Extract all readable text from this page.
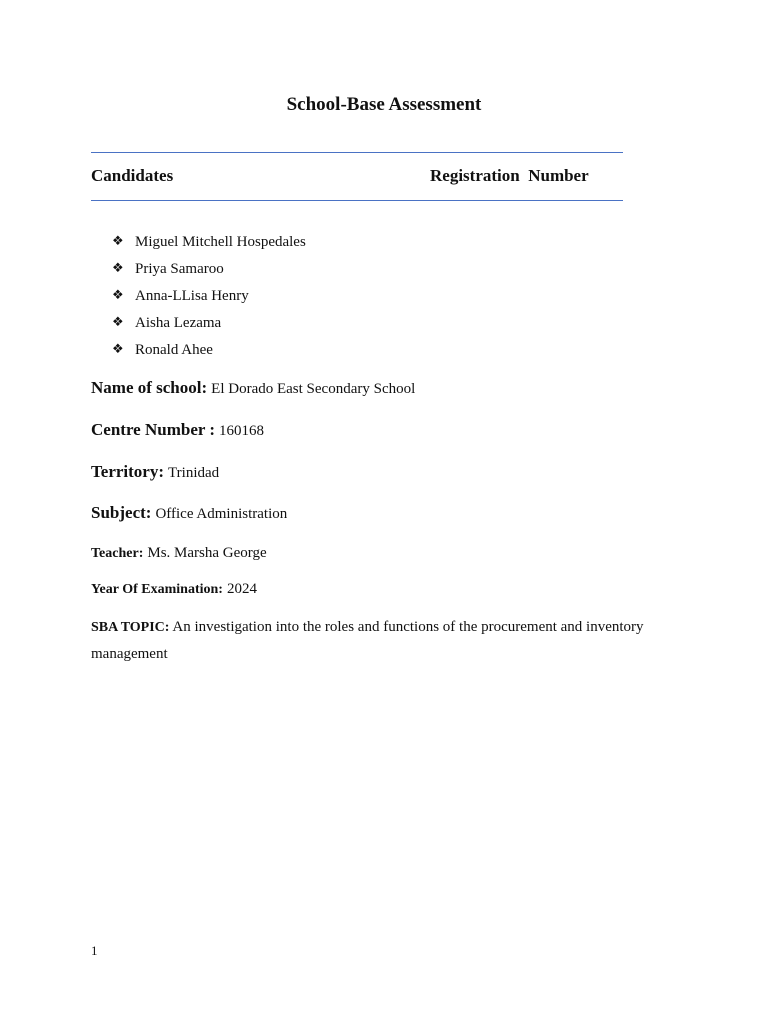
School-Base Assessment
Candidates	Registration  Number
❖ Miguel Mitchell Hospedales
❖ Priya Samaroo
❖ Anna-LLisa Henry
❖ Aisha Lezama
❖ Ronald Ahee
Name of school: El Dorado East Secondary School
Centre Number : 160168
Territory: Trinidad
Subject: Office Administration
Teacher: Ms. Marsha George
Year Of Examination: 2024
SBA TOPIC: An investigation into the roles and functions of the procurement and inventory management
1
